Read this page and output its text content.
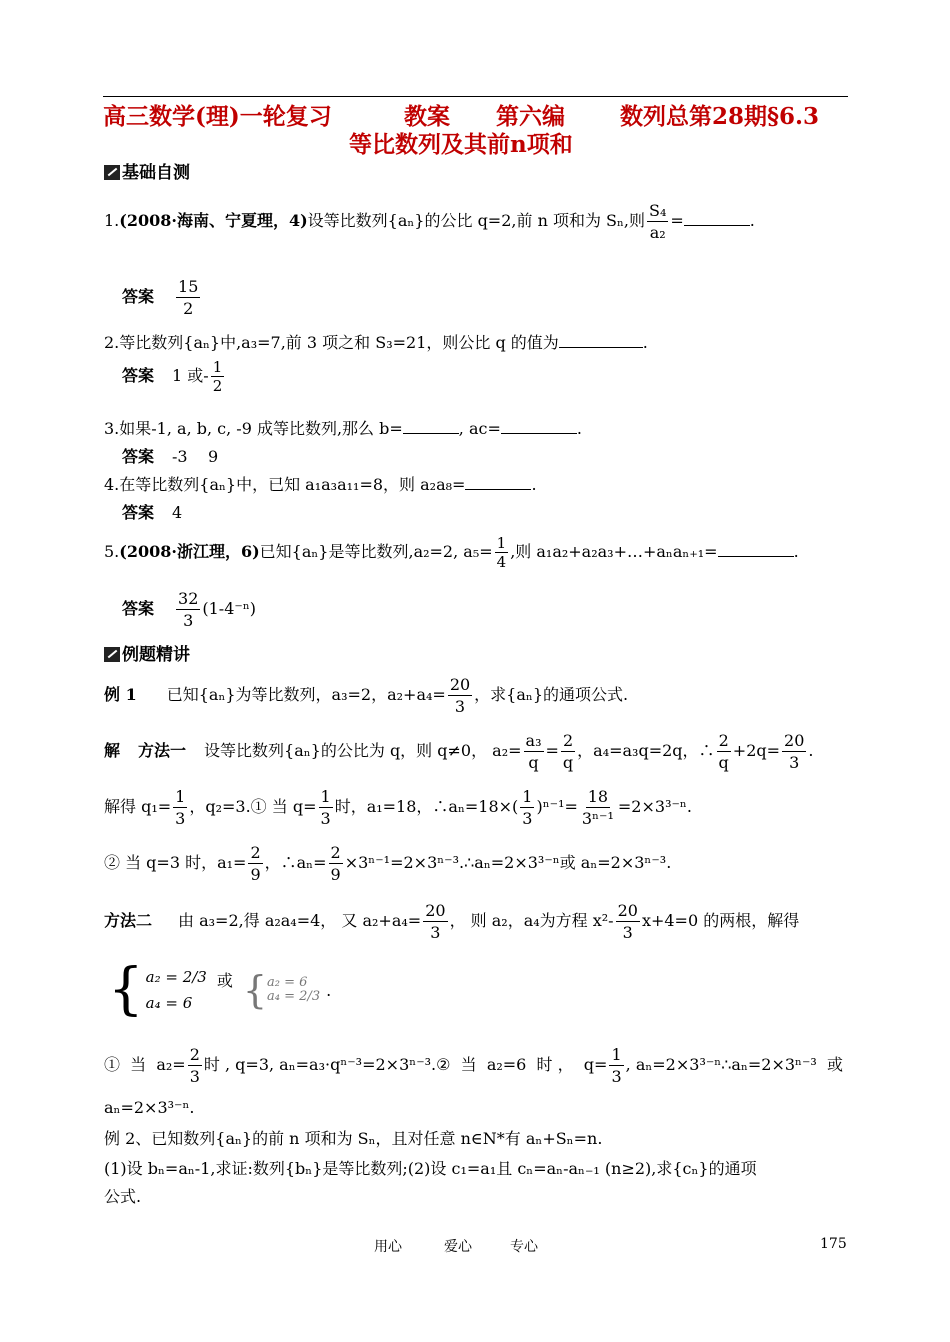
高三数学(理)一轮复习	教案 第六编 数列总第28期§6.3
等比数列及其前n项和
基础自测
1.(2008·海南、宁夏理，4)设等比数列{aₙ}的公比 q=2,前 n 项和为 Sₙ,则 $\frac{\text{S₄}}{\text{a₂}}$ =	.
答案 $\frac{15}{2}$
2.等比数列{aₙ}中,a₃=7,前 3 项之和 S₃=21，则公比 q 的值为	.
答案 1 或- $\frac{1}{2}$
3.如果-1, a, b, c, -9 成等比数列,那么 b=	, ac=	.
答案 -3    9
4.在等比数列{aₙ}中，已知 a₁a₃a₁₁=8，则 a₂a₈=	.
答案 4
5.(2008·浙江理，6)已知{aₙ}是等比数列,a₂=2, $a_5= \frac{1}{4}$ ,则 a₁a₂+a₂a₃+…+aₙaₙ₊₁=	.
答案 $\frac{32}{3} (1-4^{-n})$
例题精讲
例 1 已知{aₙ}为等比数列，a₃=2，$a_2+a_4= \frac{20}{3}$ ，求{aₙ}的通项公式.
解 方法一 设等比数列{aₙ}的公比为 q，则 q≠0， $a_2= \frac{\text{a₃}}{q} = \frac{2}{q}$ ，a₄=a₃q=2q，∴ $\frac{2}{q} +2q= \frac{20}{3}$ .
解得 $q_1= \frac{1}{3}$ ，q₂=3.① 当 $q= \frac{1}{3}$ 时，a₁=18，∴aₙ=18×( $\frac{1}{3} )^{n-1}= \frac{18}{\text{3ⁿ⁻¹}} =2\times 3^{3-n}$.
② 当 q=3 时，$a_1= \frac{2}{9}$ ，∴aₙ= $\frac{2}{9}$ ×3ⁿ⁻¹=2×3ⁿ⁻³.∴aₙ=2×3³⁻ⁿ或 aₙ=2×3ⁿ⁻³.
方法二 由 a₃=2,得 a₂a₄=4， 又 $a_2+a_4= \frac{20}{3}$ ， 则 a₂，a₄为方程 $x^2- \frac{20}{3} x+4=0$ 的两根，解得
{ a₂ = 2/3
a₄ = 6
或 { a₂ = 6
a₄ = 2/3 .
①  当  $a_2= \frac{2}{3}$ 时 , q=3, aₙ=a₃·qⁿ⁻³=2×3ⁿ⁻³.②  当  a₂=6  时 ，  $q= \frac{1}{3}$ , aₙ=2×3³⁻ⁿ∴aₙ=2×3ⁿ⁻³  或
aₙ=2×3³⁻ⁿ.
例 2、已知数列{aₙ}的前 n 项和为 Sₙ，且对任意 n∈N*有 aₙ+Sₙ=n.
(1)设 bₙ=aₙ-1,求证:数列{bₙ}是等比数列;(2)设 c₁=a₁且 cₙ=aₙ-aₙ₋₁ (n≥2),求{cₙ}的通项
公式.
用心	爱心	专心	175
